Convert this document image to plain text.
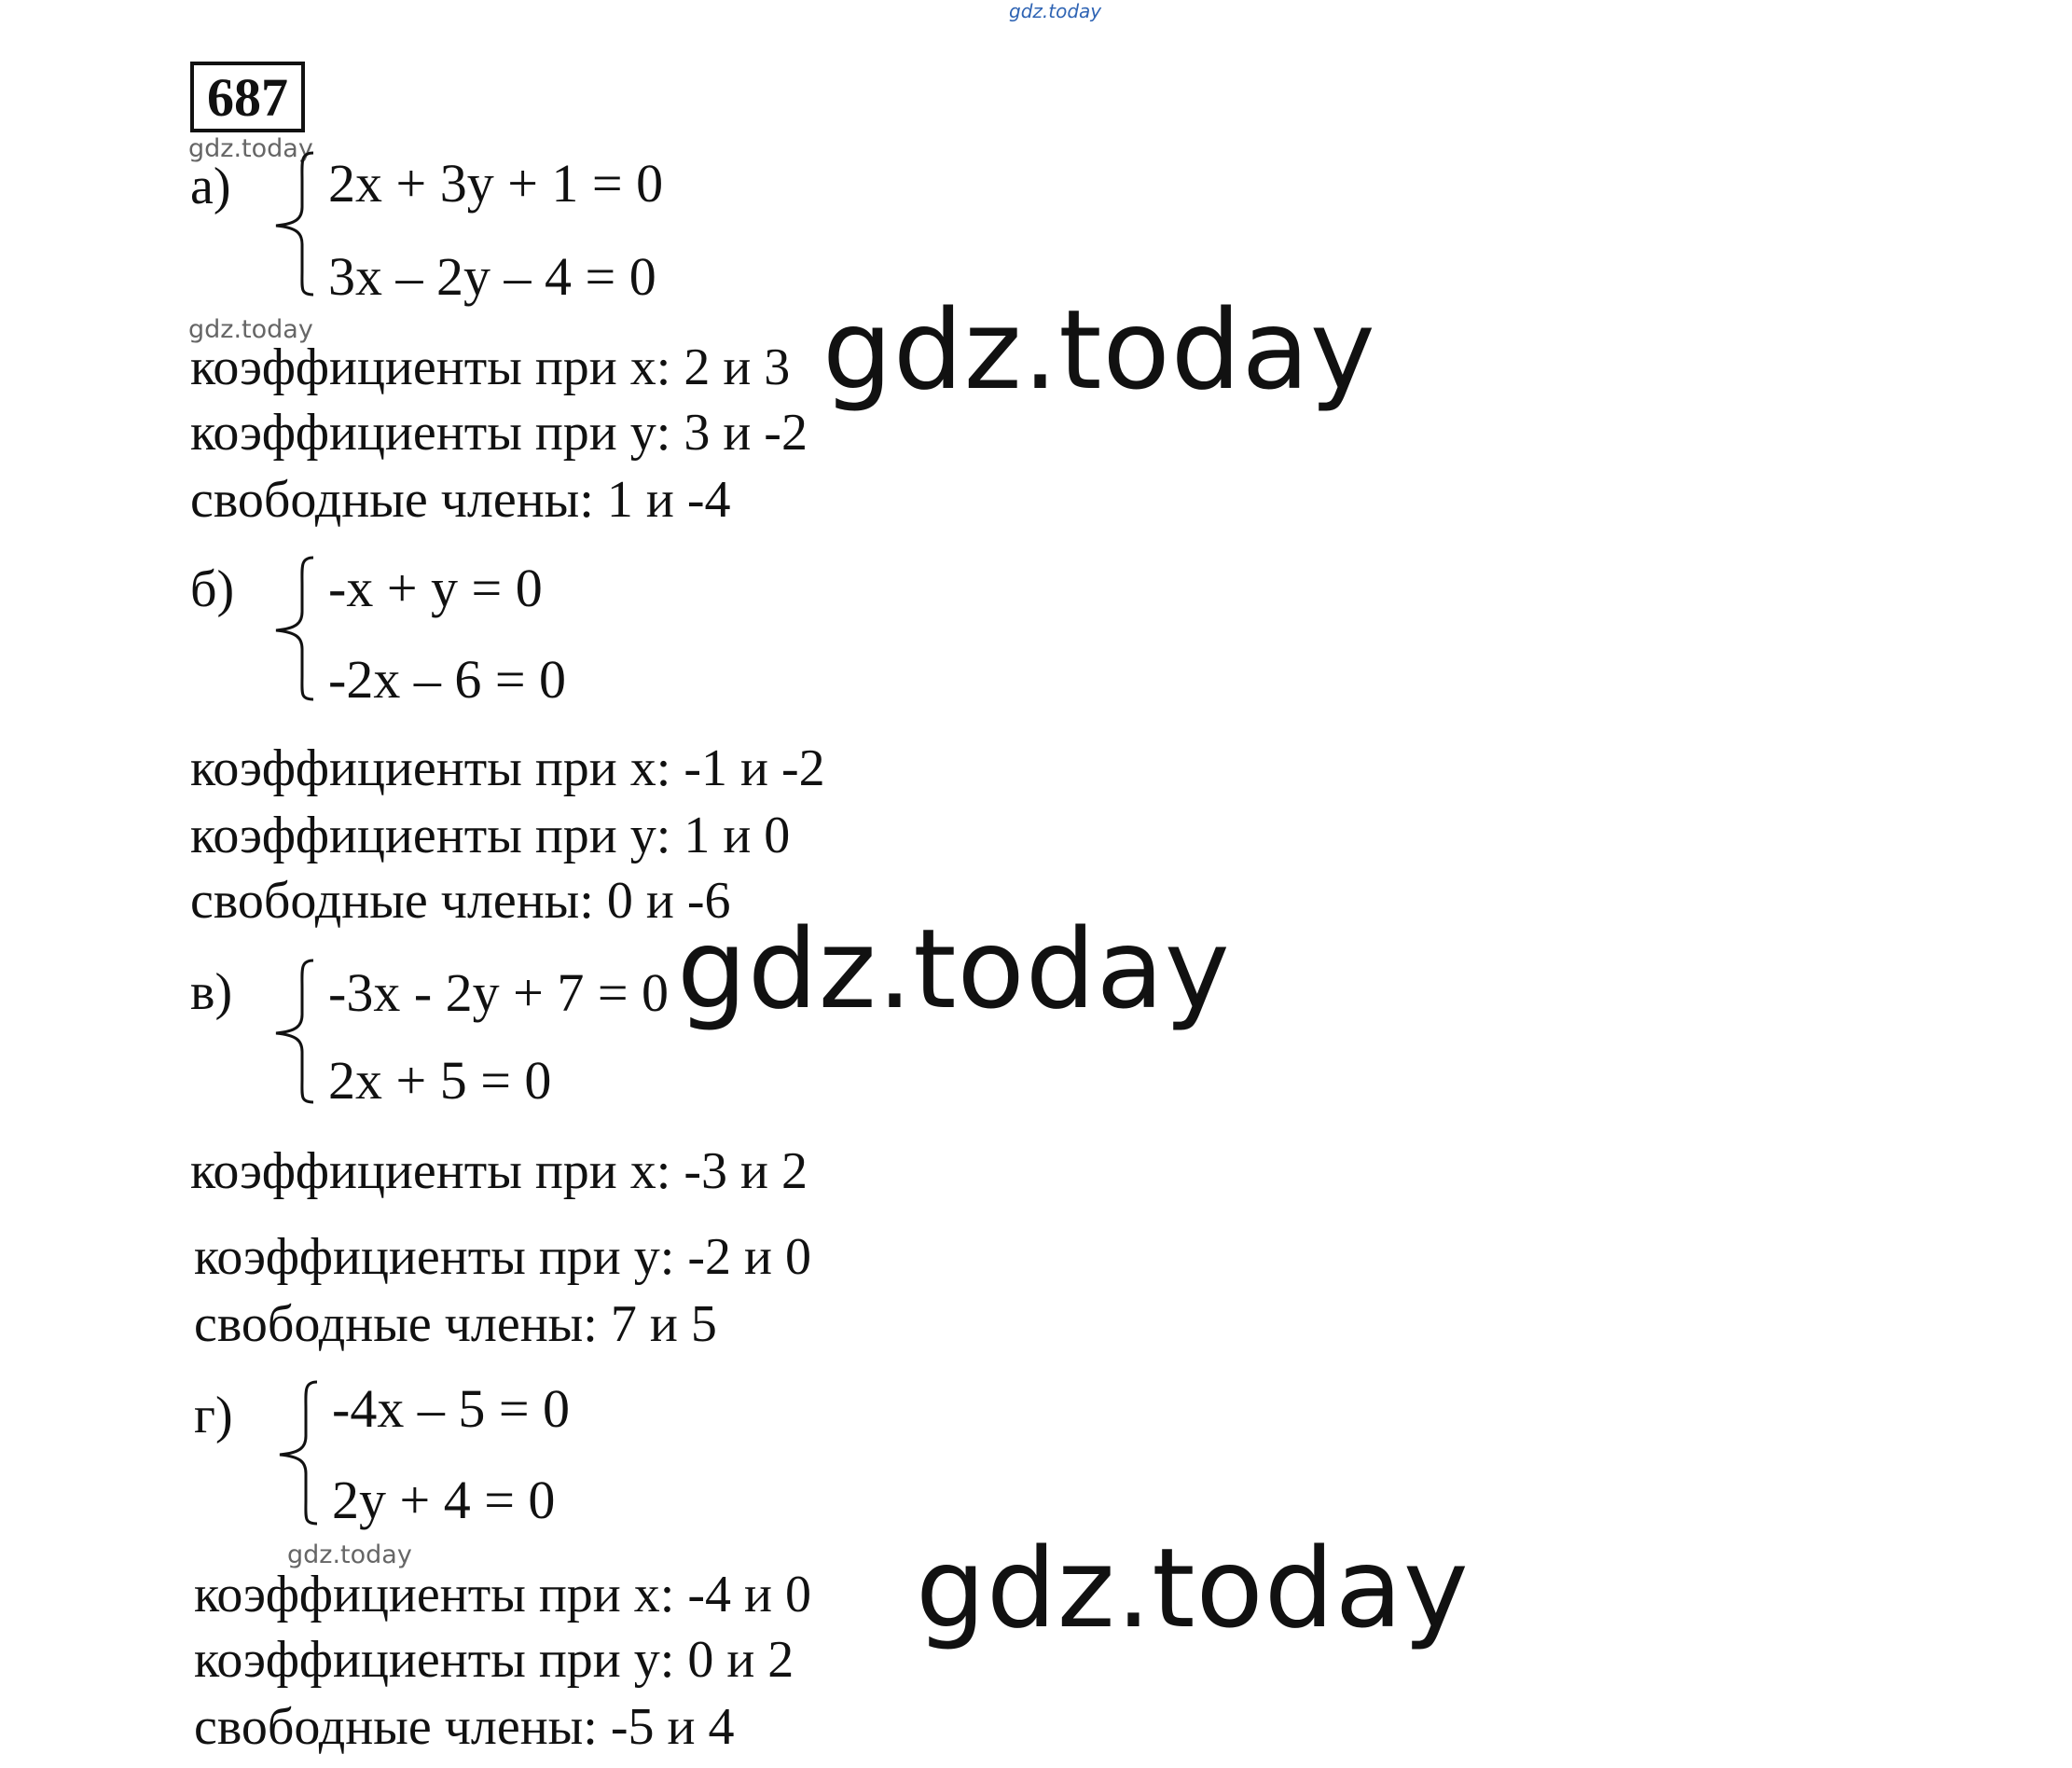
gdz.today
687
gdz.today
gdz.today
gdz.today
а) 2x + 3y + 1 = 0
3x – 2y – 4 = 0
коэффициенты при x: 2 и 3
коэффициенты при y: 3 и -2
свободные члены: 1 и -4
gdz.today
б) -x + y = 0
-2x – 6 = 0
коэффициенты при x: -1 и -2
коэффициенты при y: 1 и 0
свободные члены: 0 и -6
в) -3x - 2y + 7 = 0
2x + 5 = 0
коэффициенты при x: -3 и 2
коэффициенты при y: -2 и 0
свободные члены: 7 и 5
gdz.today
г) -4x – 5 = 0
2y + 4 = 0
коэффициенты при x: -4 и 0
коэффициенты при y: 0 и 2
свободные члены: -5 и 4
gdz.today
